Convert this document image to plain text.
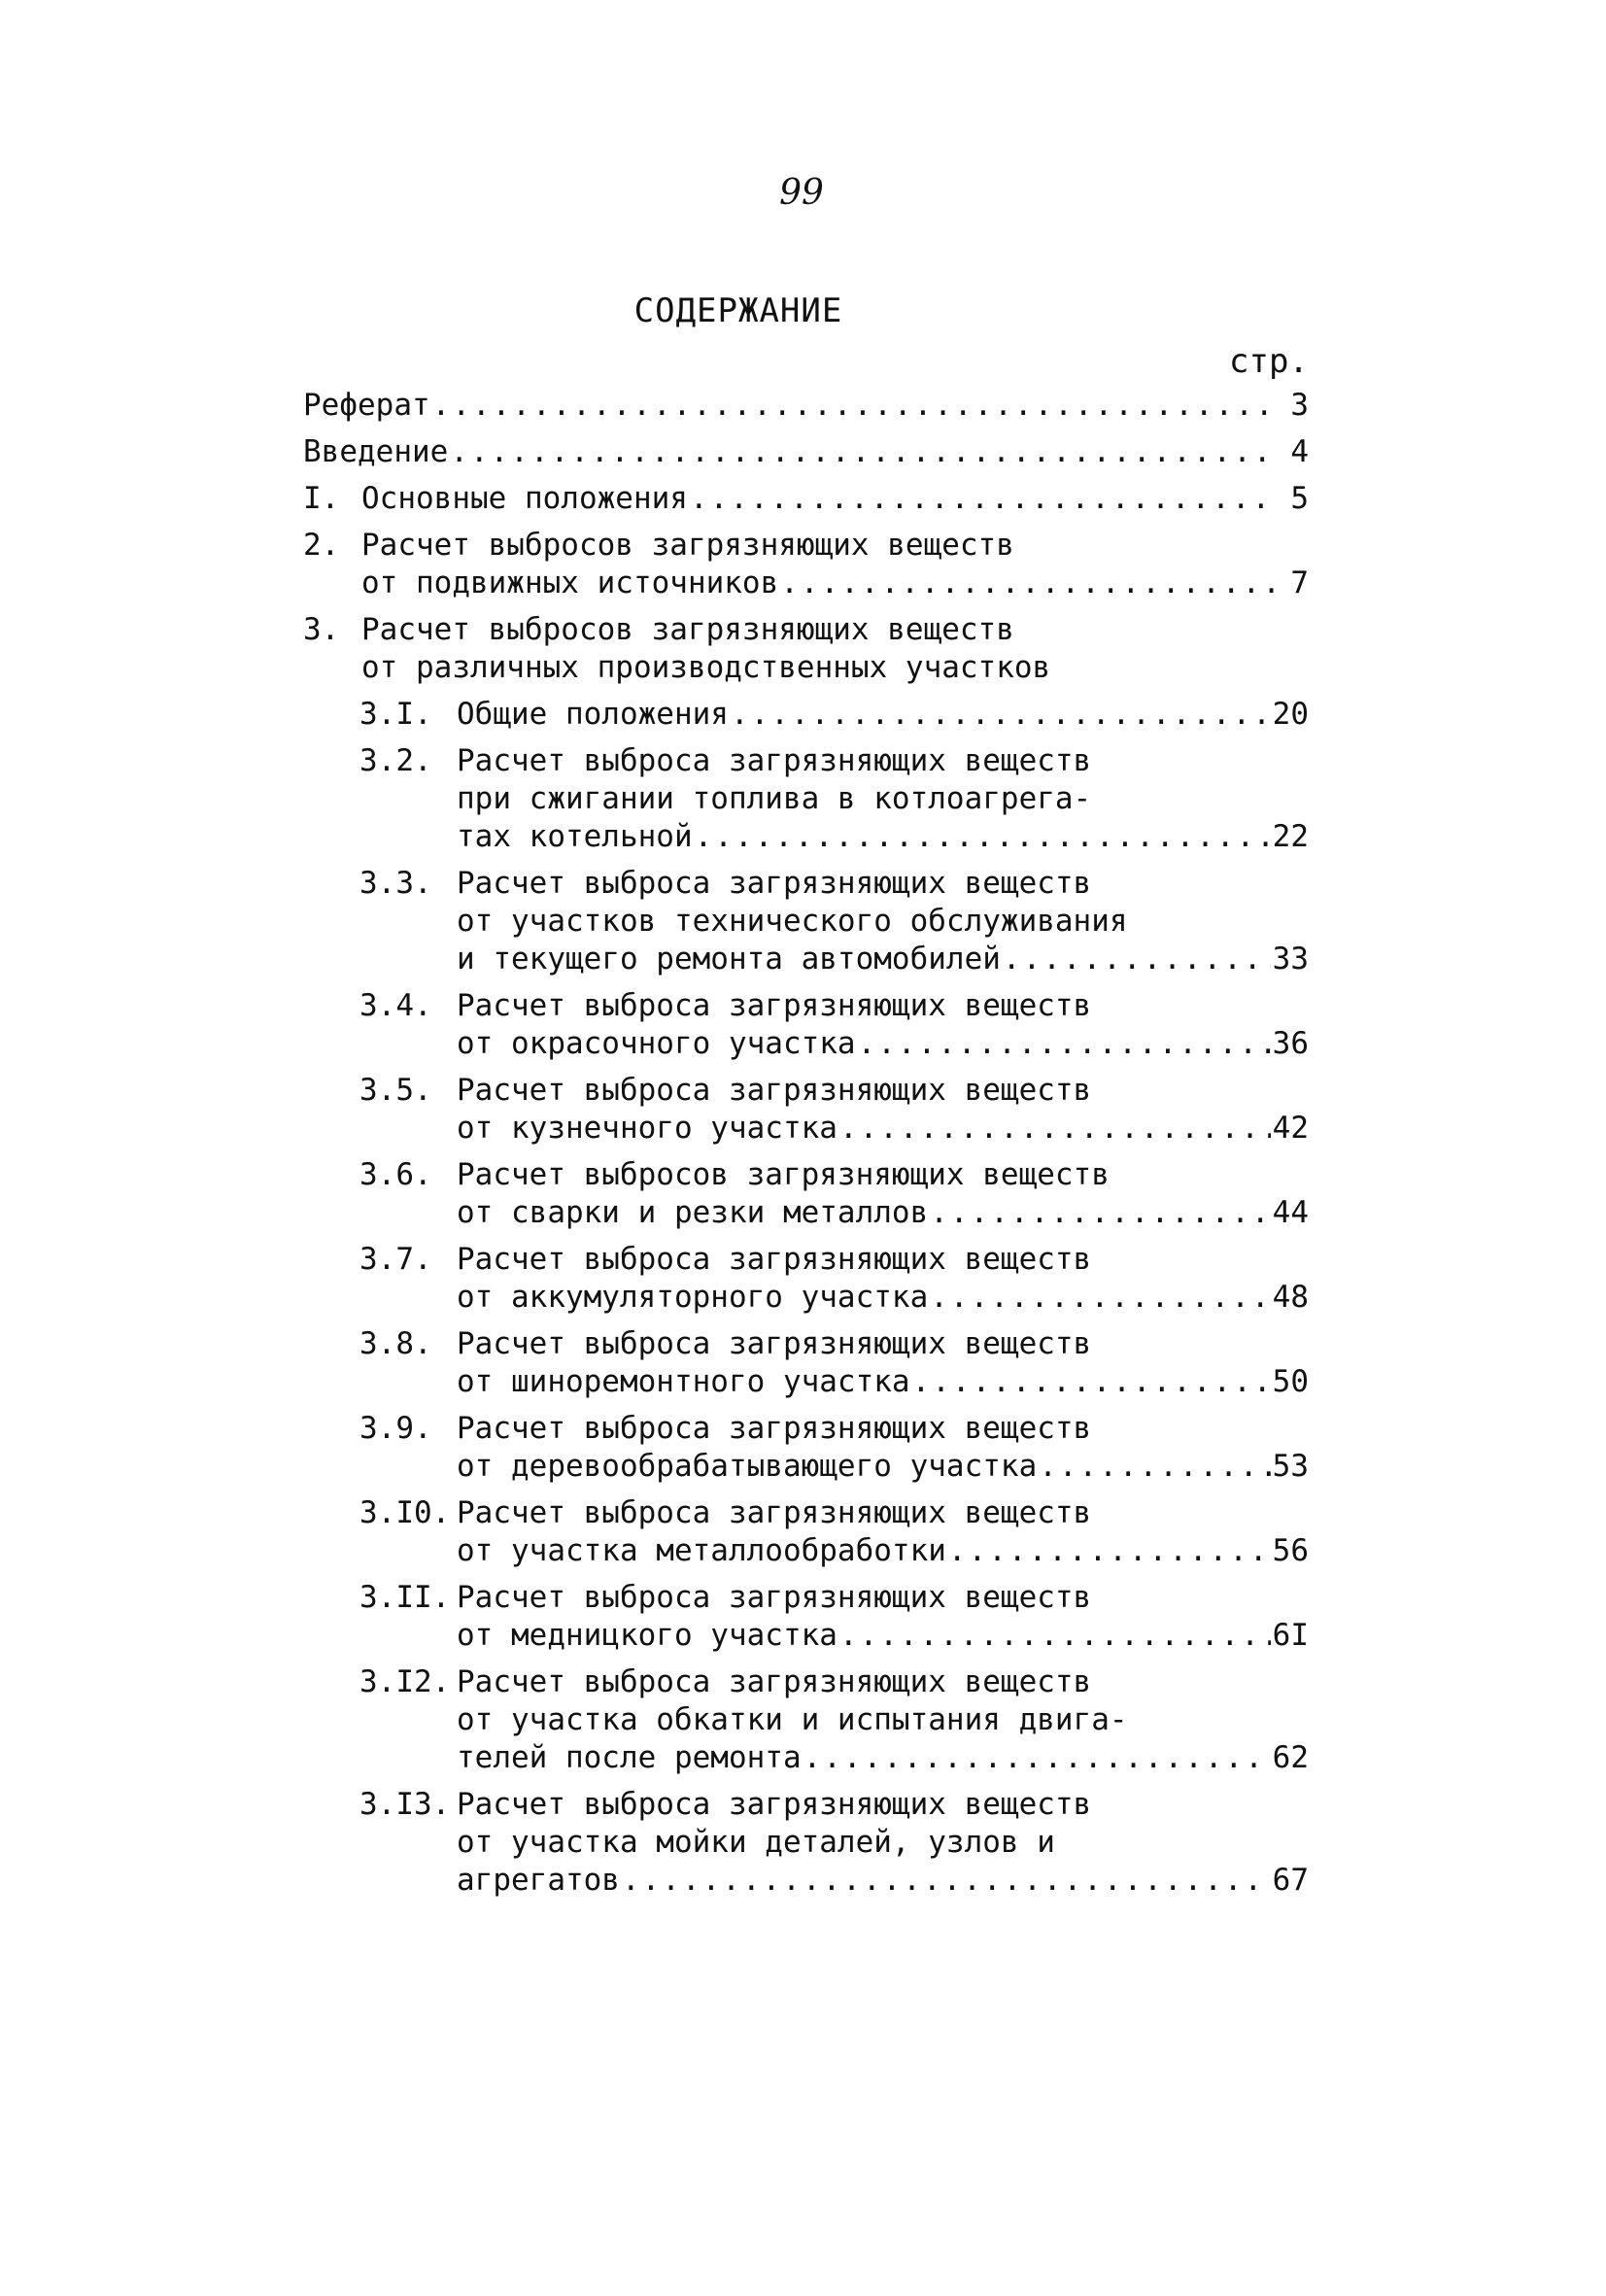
99
СОДЕРЖАНИЕ
стр.
Реферат .....	3
Введение .....	4
I. Основные положения .....	5
2. Расчет выбросов загрязняющих веществ
от подвижных источников .....	7
3. Расчет выбросов загрязняющих веществ
от различных производственных участков
3.I. Общие положения .....	20
3.2. Расчет выброса загрязняющих веществ
при сжигании топлива в котлоагрега-
тах котельной .....	22
3.3. Расчет выброса загрязняющих веществ
от участков технического обслуживания
и текущего ремонта автомобилей .....	33
3.4. Расчет выброса загрязняющих веществ
от окрасочного участка .....	36
3.5. Расчет выброса загрязняющих веществ
от кузнечного участка .....	42
3.6. Расчет выбросов загрязняющих веществ
от сварки и резки металлов .....	44
3.7. Расчет выброса загрязняющих веществ
от аккумуляторного участка .....	48
3.8. Расчет выброса загрязняющих веществ
от шиноремонтного участка .....	50
3.9. Расчет выброса загрязняющих веществ
от деревообрабатывающего участка .....	53
3.I0. Расчет выброса загрязняющих веществ
от участка металлообработки .....	56
3.II. Расчет выброса загрязняющих веществ
от медницкого участка .....	6I
3.I2. Расчет выброса загрязняющих веществ
от участка обкатки и испытания двига-
телей после ремонта .....	62
3.I3. Расчет выброса загрязняющих веществ
от участка мойки деталей, узлов и
агрегатов .....	67
